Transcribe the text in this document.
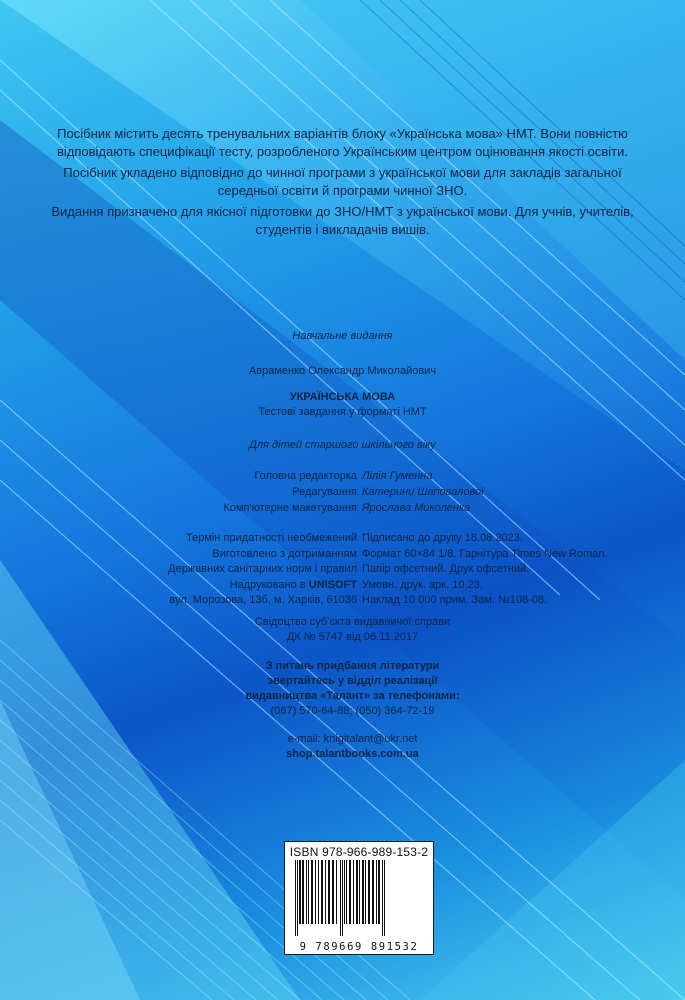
Посібник містить десять тренувальних варіантів блоку «Українська мова» НМТ. Вони повністю відповідають специфікації тесту, розробленого Українським центром оцінювання якості освіти.

Посібник укладено відповідно до чинної програми з української мови для закладів загальної середньої освіти й програми чинної ЗНО.

Видання призначено для якісної підготовки до ЗНО/НМТ з української мови. Для учнів, учителів, студентів і викладачів вишів.

Навчальне видання

Авраменко Олександр Миколайович

УКРАЇНСЬКА МОВА

Тестові завдання у форматі НМТ

Для дітей старшого шкільного віку

Головна редакторка Лілія Гуменна
Редагування Катерини Шаповалової
Комп'ютерне макетування Ярослава Миколенка
Термін придатності необмежений
Виготовлено з дотриманням
Державних санітарних норм і правил
Надруковано в UNISOFT
вул. Морозова, 13б, м. Харків, 61036
Підписано до друку 18.08.2023.
Формат 60×84 1/8. Гарнітура Times New Roman.
Папір офсетний. Друк офсетний.
Умовн. друк. арк. 10,23.
Наклад 10 000 прим. Зам. №108-08.

Свідоцтво суб'єкта видавничої справи

ДК № 5747 від 06.11.2017

З питань придбання літератури

звертайтесь у відділ реалізації

видавництва «Талант» за телефонами:

(067) 570-64-88; (050) 364-72-19

e-mail: knigitalant@ukr.net

shop.talantbooks.com.ua

ISBN 978-966-989-153-2
9 789669 891532
